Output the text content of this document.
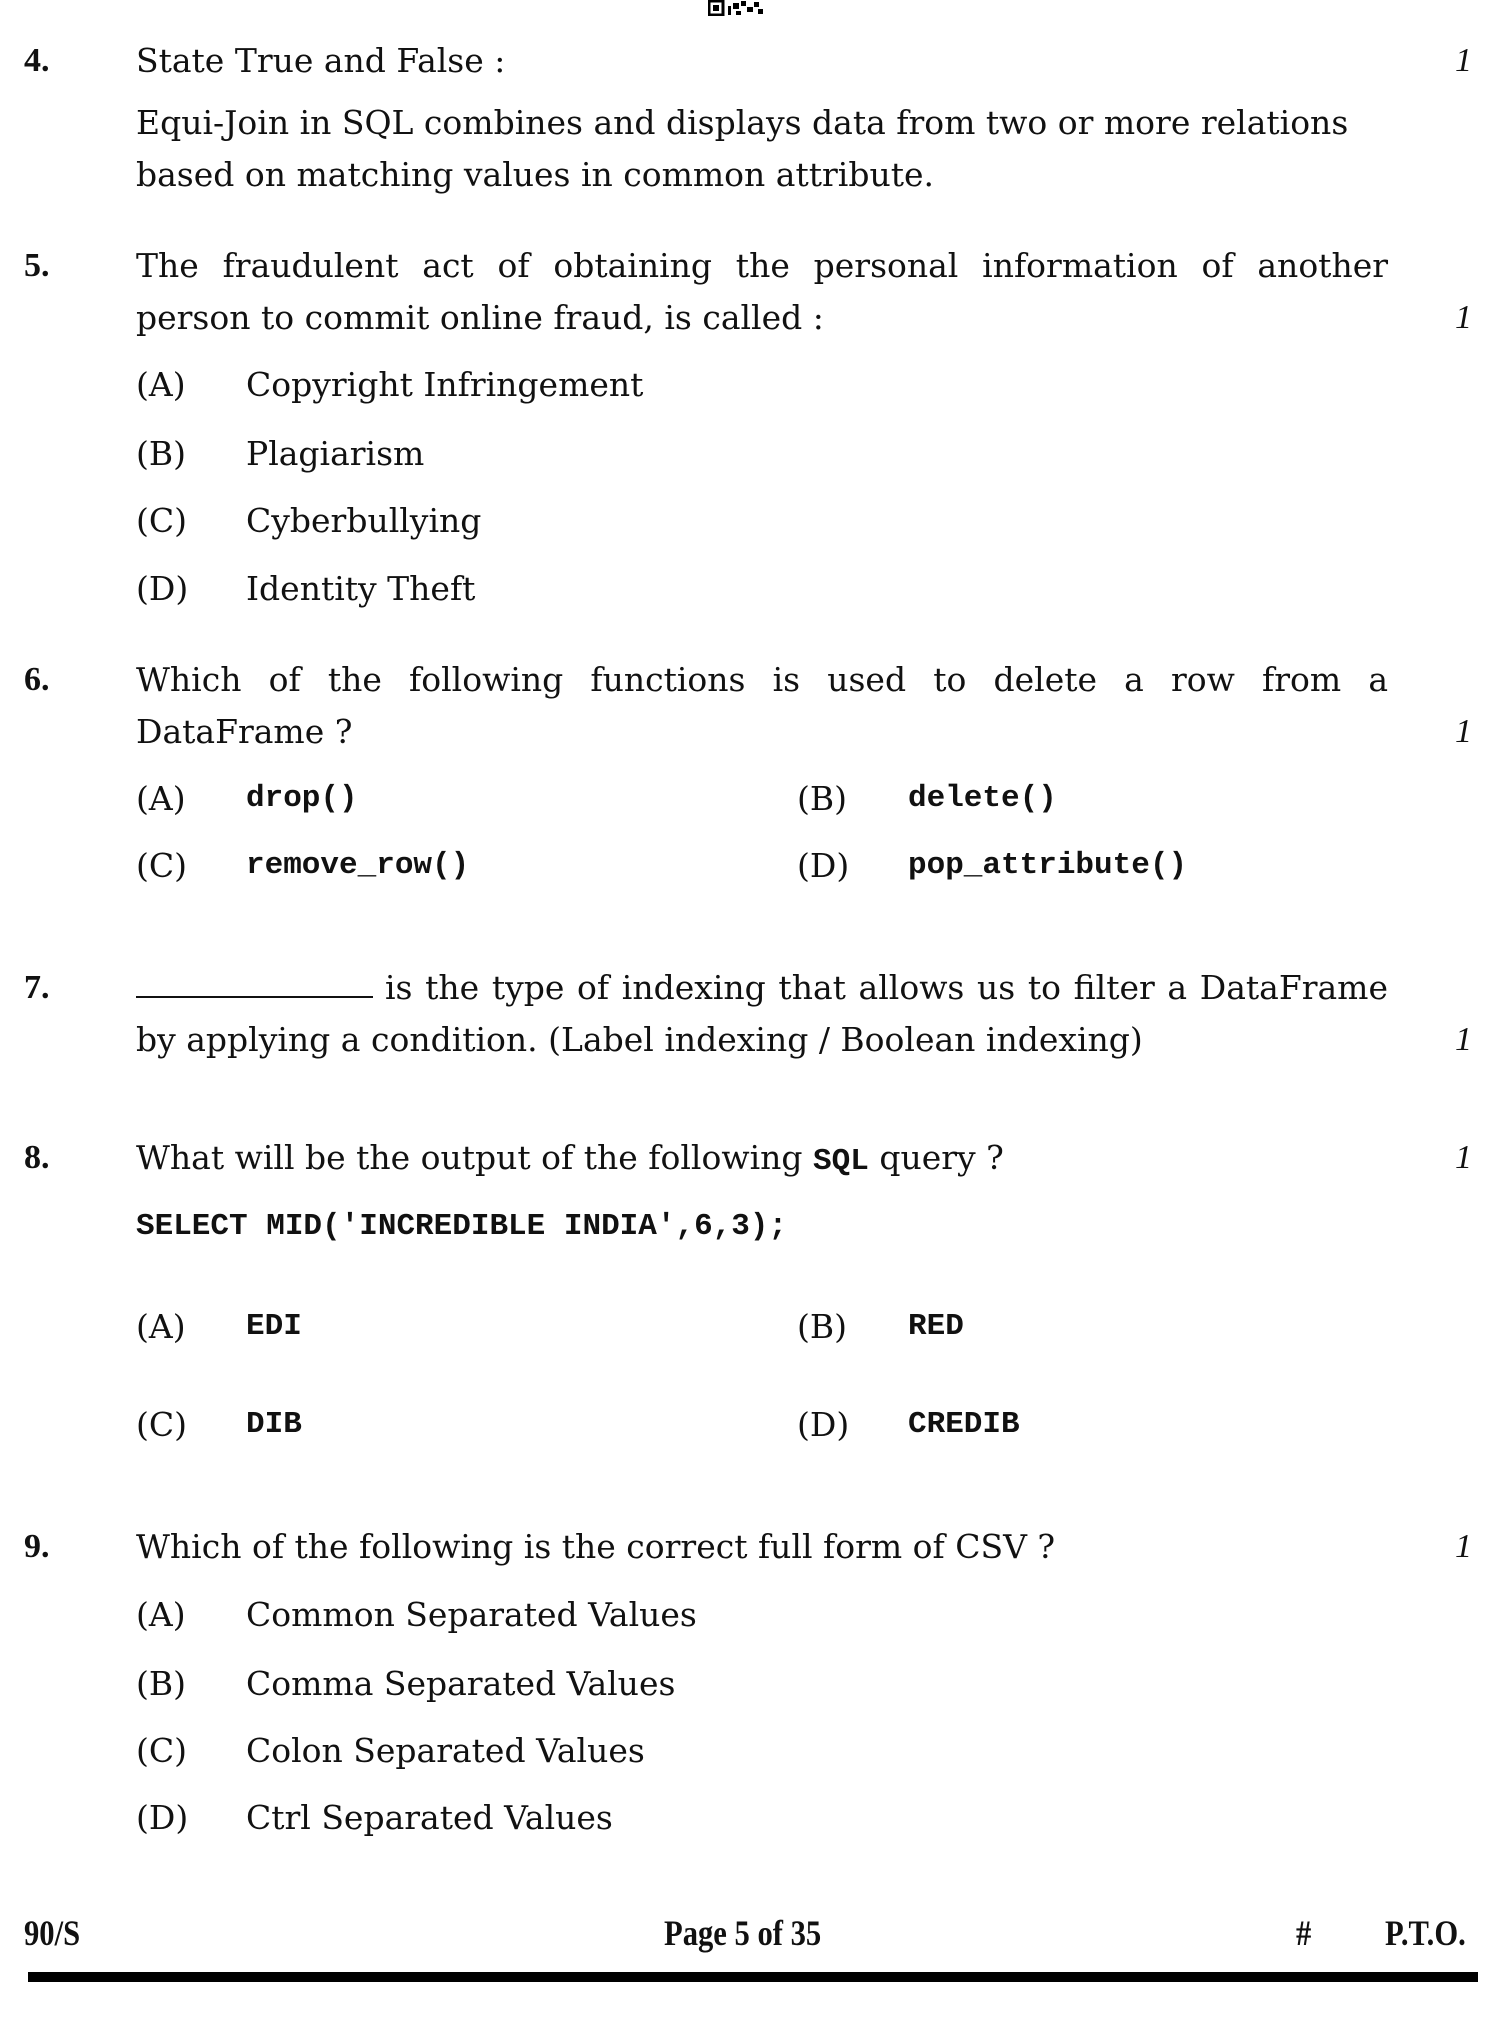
4.	State True and False :	1
Equi-Join in SQL combines and displays data from two or more relations
based on matching values in common attribute.
5.	The fraudulent act of obtaining the personal information of another
person to commit online fraud, is called :	1
(A) Copyright Infringement
(B) Plagiarism
(C) Cyberbullying
(D) Identity Theft
6.	Which of the following functions is used to delete a row from a
DataFrame ?	1
(A) drop()	(B) delete()
(C) remove_row()	(D) pop_attribute()
7.	is the type of indexing that allows us to filter a DataFrame
by applying a condition. (Label indexing / Boolean indexing)	1
8.	What will be the output of the following SQL query ?	1
SELECT MID('INCREDIBLE INDIA',6,3);
(A) EDI	(B) RED
(C) DIB	(D) CREDIB
9.	Which of the following is the correct full form of CSV ?	1
(A) Common Separated Values
(B) Comma Separated Values
(C) Colon Separated Values
(D) Ctrl Separated Values
90/S	Page 5 of 35	# P.T.O.
